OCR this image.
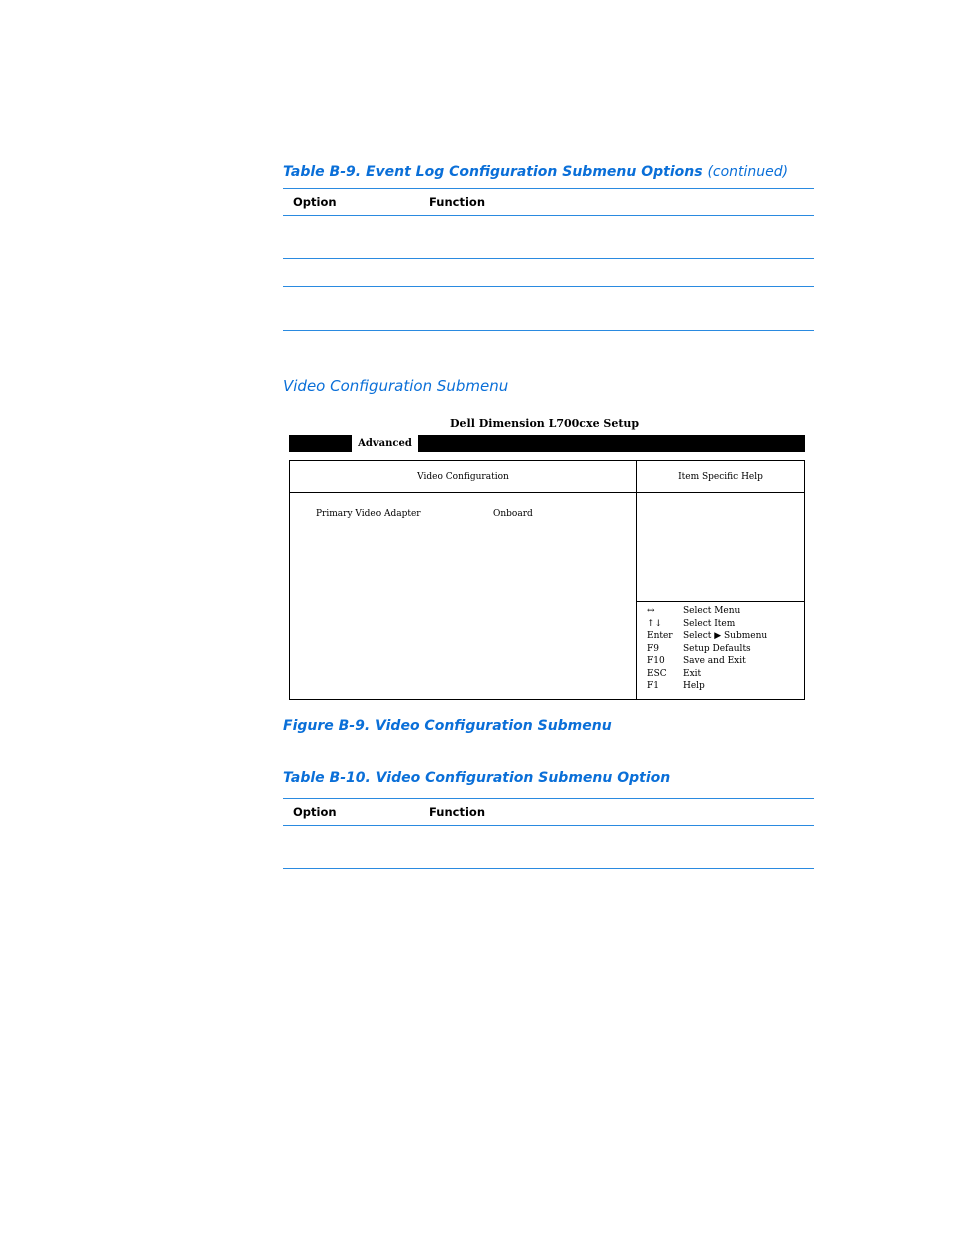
Table B-9. Event Log Configuration Submenu Options (continued)
Option	Function
Video Configuration Submenu
Dell Dimension L700cxe Setup
Advanced
Video Configuration
Primary Video Adapter	Onboard
Item Specific Help
↔	Select Menu
↑↓ Select Item
Enter Select ▶ Submenu
F9	Setup Defaults
F10 Save and Exit
ESC Exit
F1	Help
Figure B-9. Video Configuration Submenu
Table B-10. Video Configuration Submenu Option
Option	Function
